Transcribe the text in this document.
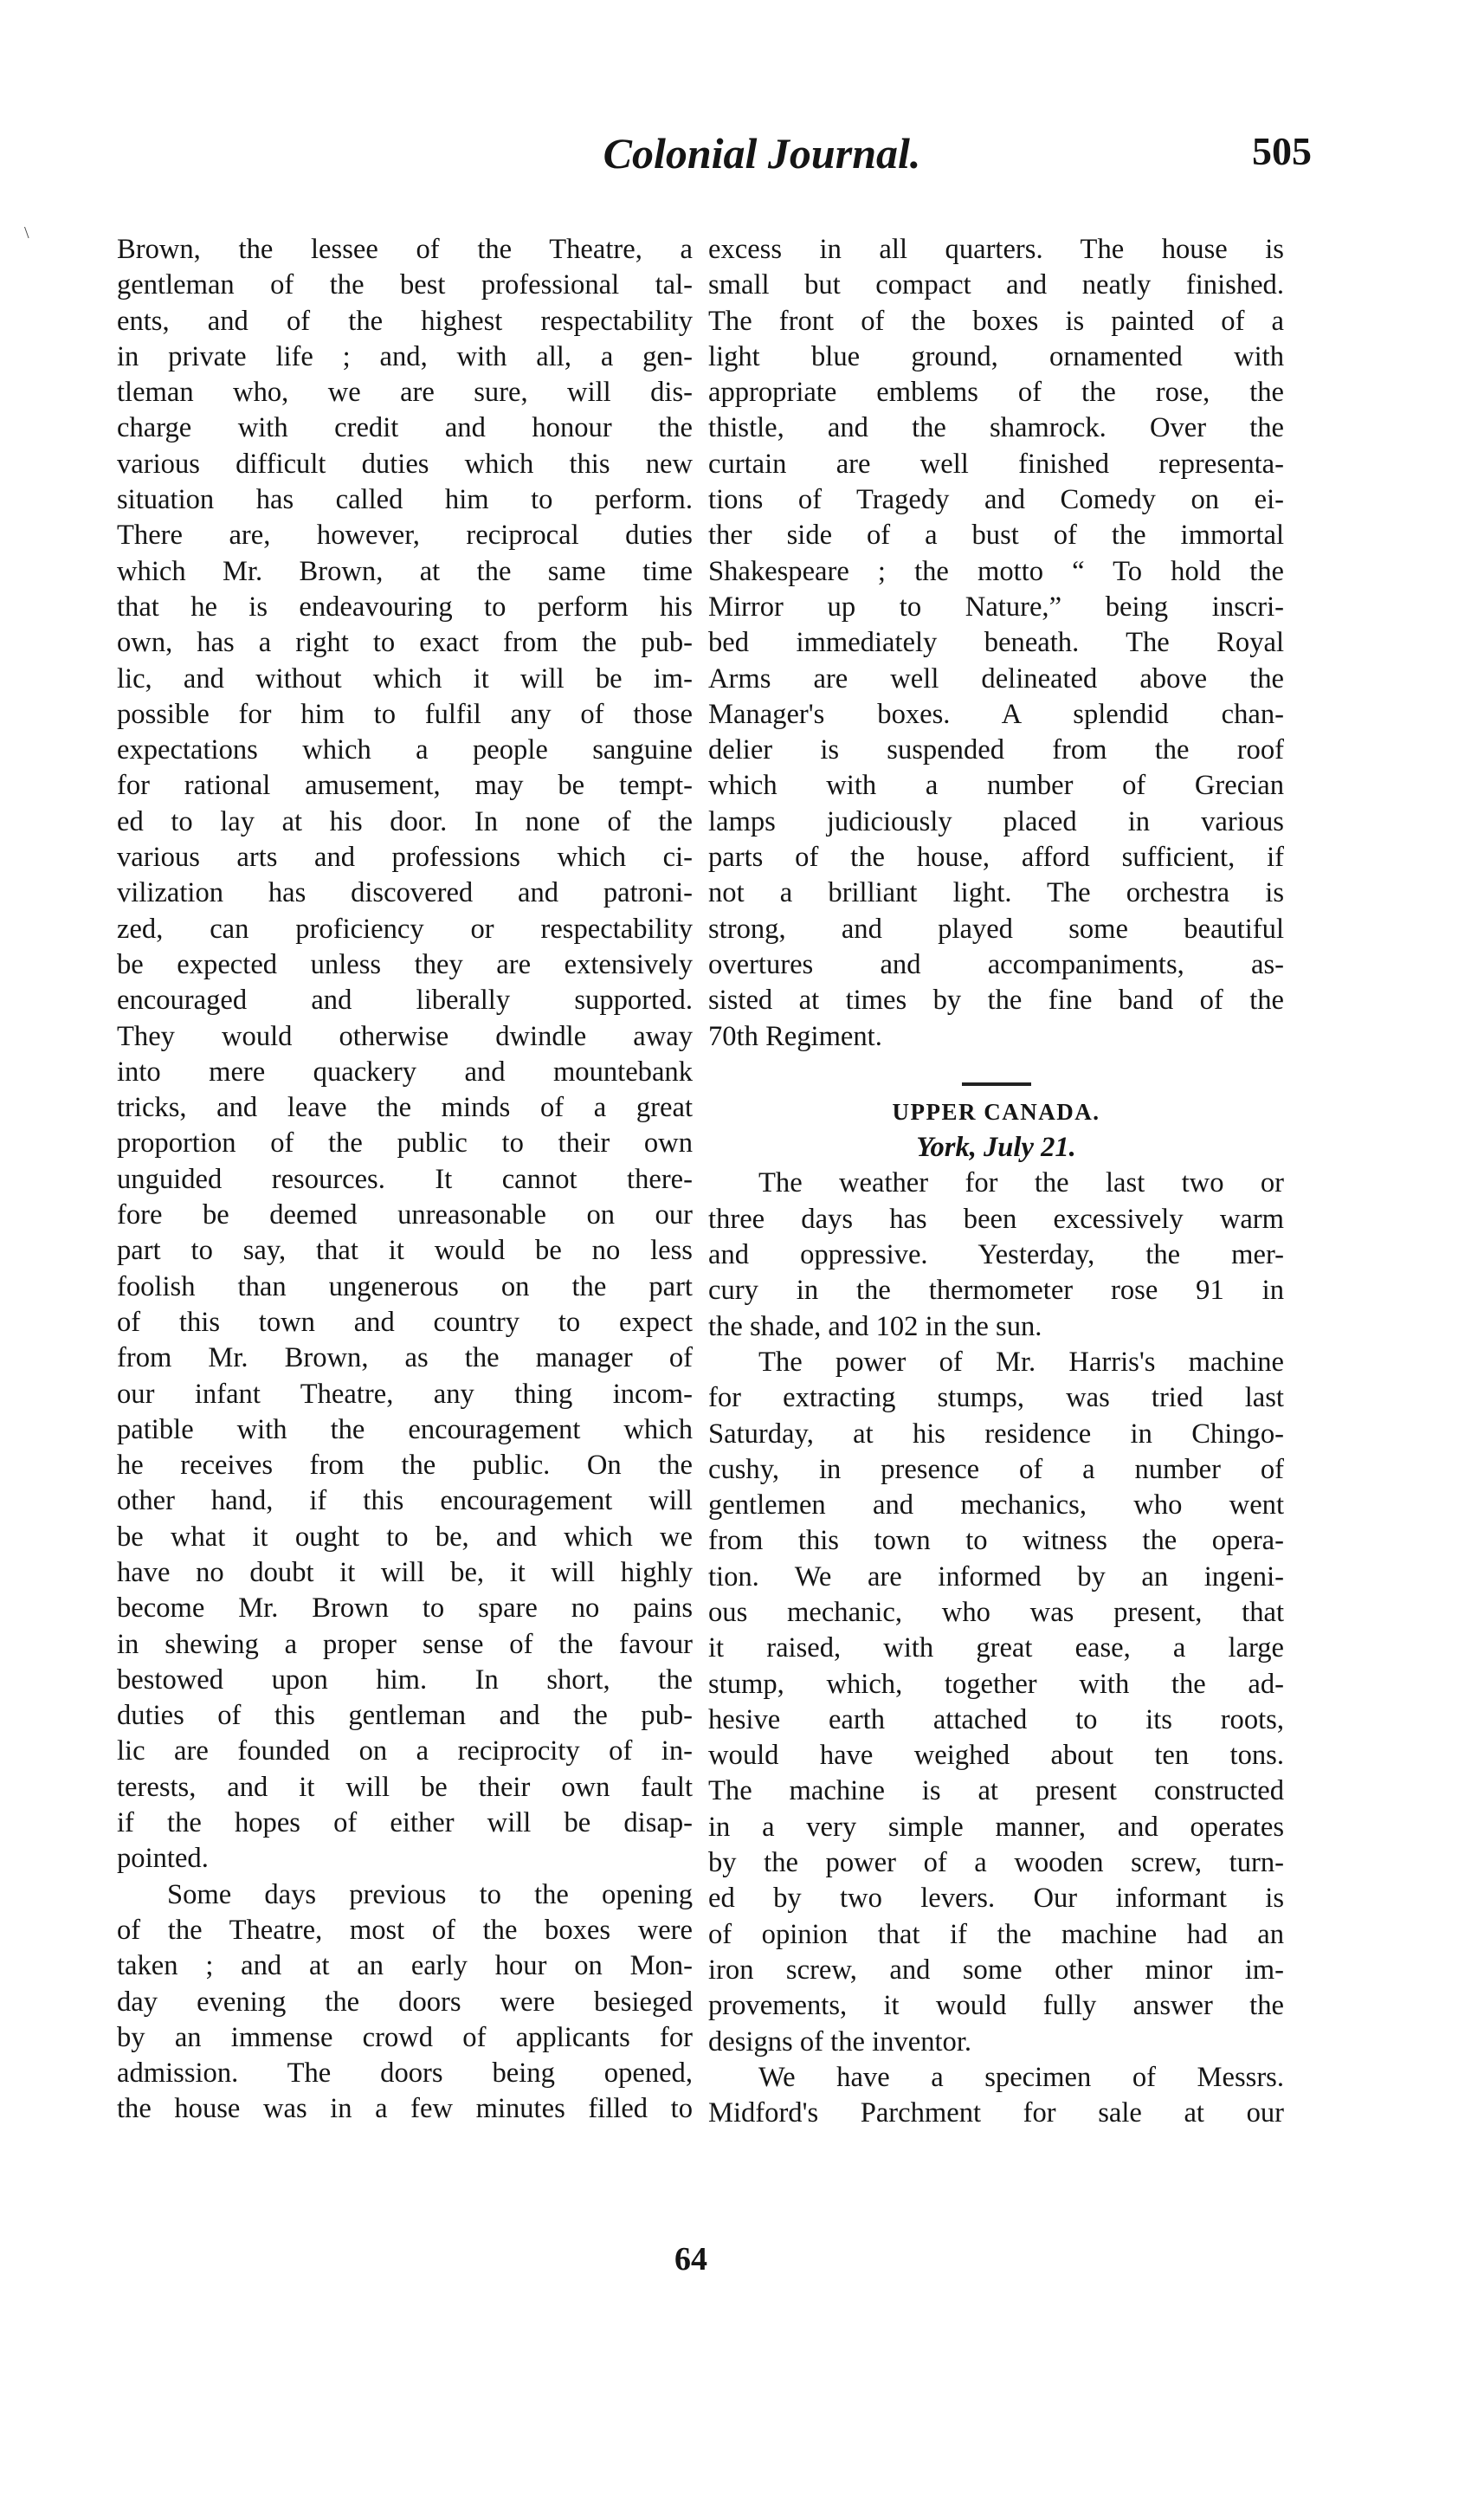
\
Colonial Journal.	505
Brown, the lessee of the Theatre, a
gentleman of the best professional tal-
ents, and of the highest respectability
in private life ; and, with all, a gen-
tleman who, we are sure, will dis-
charge with credit and honour the
various difficult duties which this new
situation has called him to perform.
There are, however, reciprocal duties
which Mr. Brown, at the same time
that he is endeavouring to perform his
own, has a right to exact from the pub-
lic, and without which it will be im-
possible for him to fulfil any of those
expectations which a people sanguine
for rational amusement, may be tempt-
ed to lay at his door. In none of the
various arts and professions which ci-
vilization has discovered and patroni-
zed, can proficiency or respectability
be expected unless they are extensively
encouraged and liberally supported.
They would otherwise dwindle away
into mere quackery and mountebank
tricks, and leave the minds of a great
proportion of the public to their own
unguided resources. It cannot there-
fore be deemed unreasonable on our
part to say, that it would be no less
foolish than ungenerous on the part
of this town and country to expect
from Mr. Brown, as the manager of
our infant Theatre, any thing incom-
patible with the encouragement which
he receives from the public. On the
other hand, if this encouragement will
be what it ought to be, and which we
have no doubt it will be, it will highly
become Mr. Brown to spare no pains
in shewing a proper sense of the favour
bestowed upon him. In short, the
duties of this gentleman and the pub-
lic are founded on a reciprocity of in-
terests, and it will be their own fault
if the hopes of either will be disap-
pointed.
Some days previous to the opening
of the Theatre, most of the boxes were
taken ; and at an early hour on Mon-
day evening the doors were besieged
by an immense crowd of applicants for
admission. The doors being opened,
the house was in a few minutes filled to
excess in all quarters. The house is
small but compact and neatly finished.
The front of the boxes is painted of a
light blue ground, ornamented with
appropriate emblems of the rose, the
thistle, and the shamrock. Over the
curtain are well finished representa-
tions of Tragedy and Comedy on ei-
ther side of a bust of the immortal
Shakespeare ; the motto “ To hold the
Mirror up to Nature,” being inscri-
bed immediately beneath. The Royal
Arms are well delineated above the
Manager's boxes. A splendid chan-
delier is suspended from the roof
which with a number of Grecian
lamps judiciously placed in various
parts of the house, afford sufficient, if
not a brilliant light. The orchestra is
strong, and played some beautiful
overtures and accompaniments, as-
sisted at times by the fine band of the
70th Regiment.
UPPER CANADA.
York, July 21.
The weather for the last two or
three days has been excessively warm
and oppressive. Yesterday, the mer-
cury in the thermometer rose 91 in
the shade, and 102 in the sun.
The power of Mr. Harris's machine
for extracting stumps, was tried last
Saturday, at his residence in Chingo-
cushy, in presence of a number of
gentlemen and mechanics, who went
from this town to witness the opera-
tion. We are informed by an ingeni-
ous mechanic, who was present, that
it raised, with great ease, a large
stump, which, together with the ad-
hesive earth attached to its roots,
would have weighed about ten tons.
The machine is at present constructed
in a very simple manner, and operates
by the power of a wooden screw, turn-
ed by two levers. Our informant is
of opinion that if the machine had an
iron screw, and some other minor im-
provements, it would fully answer the
designs of the inventor.
We have a specimen of Messrs.
Midford's Parchment for sale at our
64
